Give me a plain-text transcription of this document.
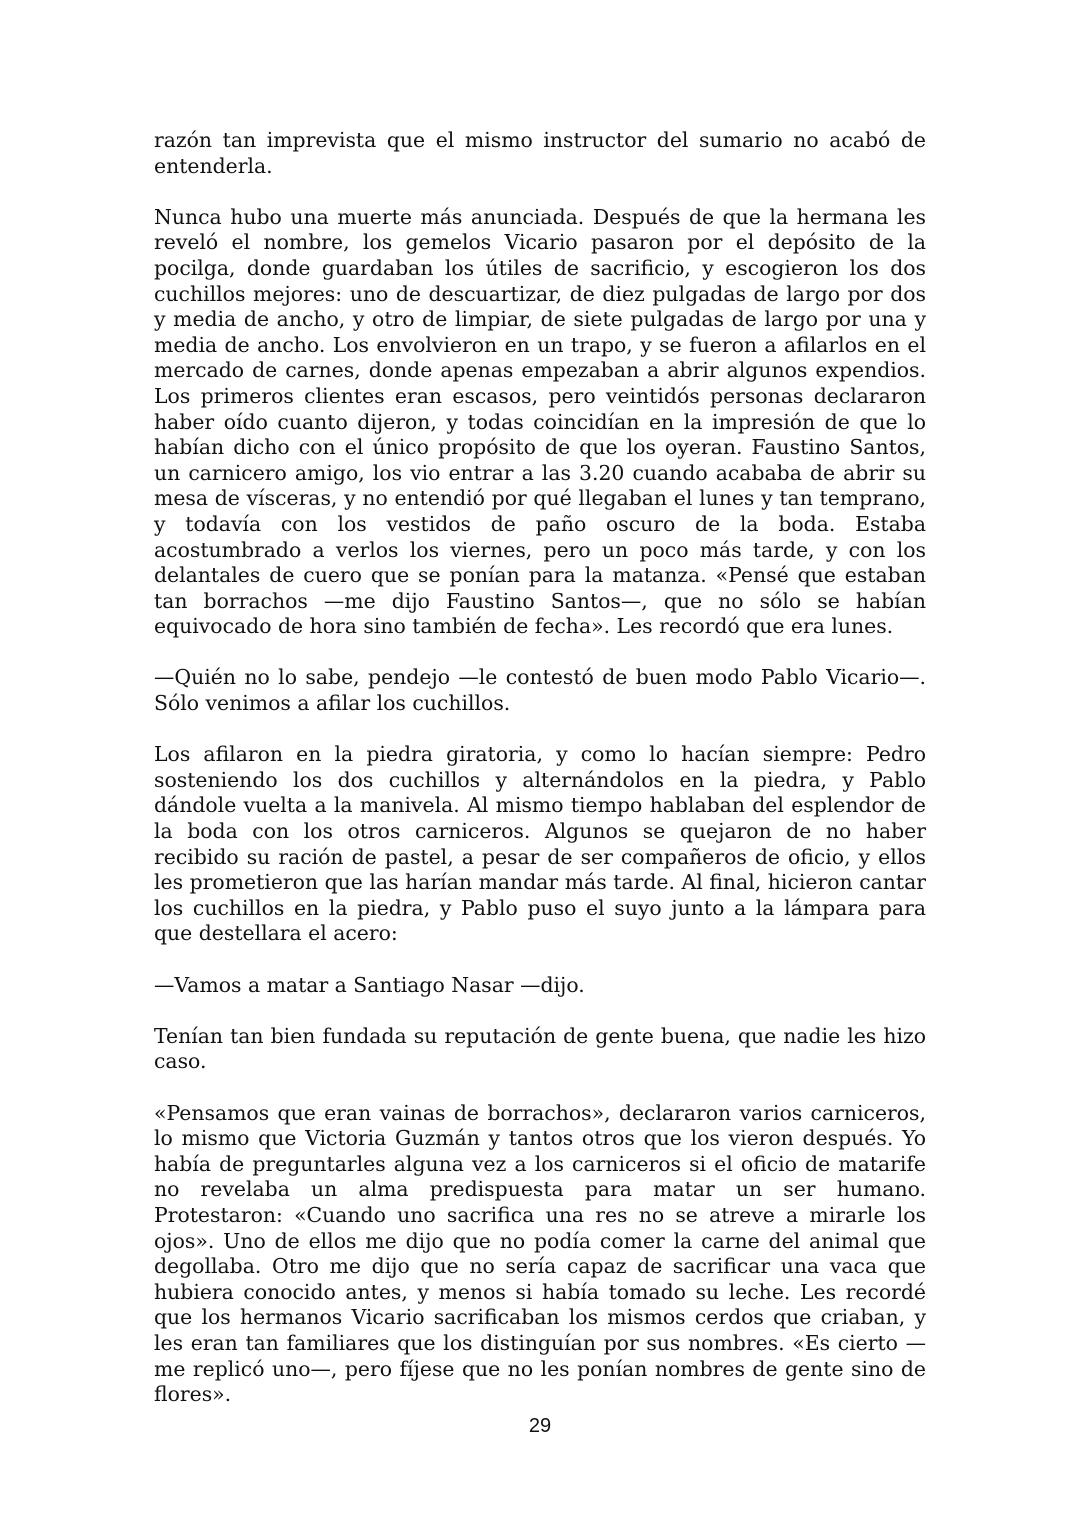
razón tan imprevista que el mismo instructor del sumario no acabó de entenderla.

Nunca hubo una muerte más anunciada. Después de que la hermana les reveló el nombre, los gemelos Vicario pasaron por el depósito de la pocilga, donde guardaban los útiles de sacrificio, y escogieron los dos cuchillos mejores: uno de descuartizar, de diez pulgadas de largo por dos y media de ancho, y otro de limpiar, de siete pulgadas de largo por una y media de ancho. Los envolvieron en un trapo, y se fueron a afilarlos en el mercado de carnes, donde apenas empezaban a abrir algunos expendios. Los primeros clientes eran escasos, pero veintidós personas declararon haber oído cuanto dijeron, y todas coincidían en la impresión de que lo habían dicho con el único propósito de que los oyeran. Faustino Santos, un carnicero amigo, los vio entrar a las 3.20 cuando acababa de abrir su mesa de vísceras, y no entendió por qué llegaban el lunes y tan temprano, y todavía con los vestidos de paño oscuro de la boda. Estaba acostumbrado a verlos los viernes, pero un poco más tarde, y con los delantales de cuero que se ponían para la matanza. «Pensé que estaban tan borrachos —me dijo Faustino Santos—, que no sólo se habían equivocado de hora sino también de fecha». Les recordó que era lunes.

—Quién no lo sabe, pendejo —le contestó de buen modo Pablo Vicario—. Sólo venimos a afilar los cuchillos.

Los afilaron en la piedra giratoria, y como lo hacían siempre: Pedro sosteniendo los dos cuchillos y alternándolos en la piedra, y Pablo dándole vuelta a la manivela. Al mismo tiempo hablaban del esplendor de la boda con los otros carniceros. Algunos se quejaron de no haber recibido su ración de pastel, a pesar de ser compañeros de oficio, y ellos les prometieron que las harían mandar más tarde. Al final, hicieron cantar los cuchillos en la piedra, y Pablo puso el suyo junto a la lámpara para que destellara el acero:

—Vamos a matar a Santiago Nasar —dijo.

Tenían tan bien fundada su reputación de gente buena, que nadie les hizo caso.

«Pensamos que eran vainas de borrachos», declararon varios carniceros, lo mismo que Victoria Guzmán y tantos otros que los vieron después. Yo había de preguntarles alguna vez a los carniceros si el oficio de matarife no revelaba un alma predispuesta para matar un ser humano. Protestaron: «Cuando uno sacrifica una res no se atreve a mirarle los ojos». Uno de ellos me dijo que no podía comer la carne del animal que degollaba. Otro me dijo que no sería capaz de sacrificar una vaca que hubiera conocido antes, y menos si había tomado su leche. Les recordé que los hermanos Vicario sacrificaban los mismos cerdos que criaban, y les eran tan familiares que los distinguían por sus nombres. «Es cierto —me replicó uno—, pero fíjese que no les ponían nombres de gente sino de flores».

29
